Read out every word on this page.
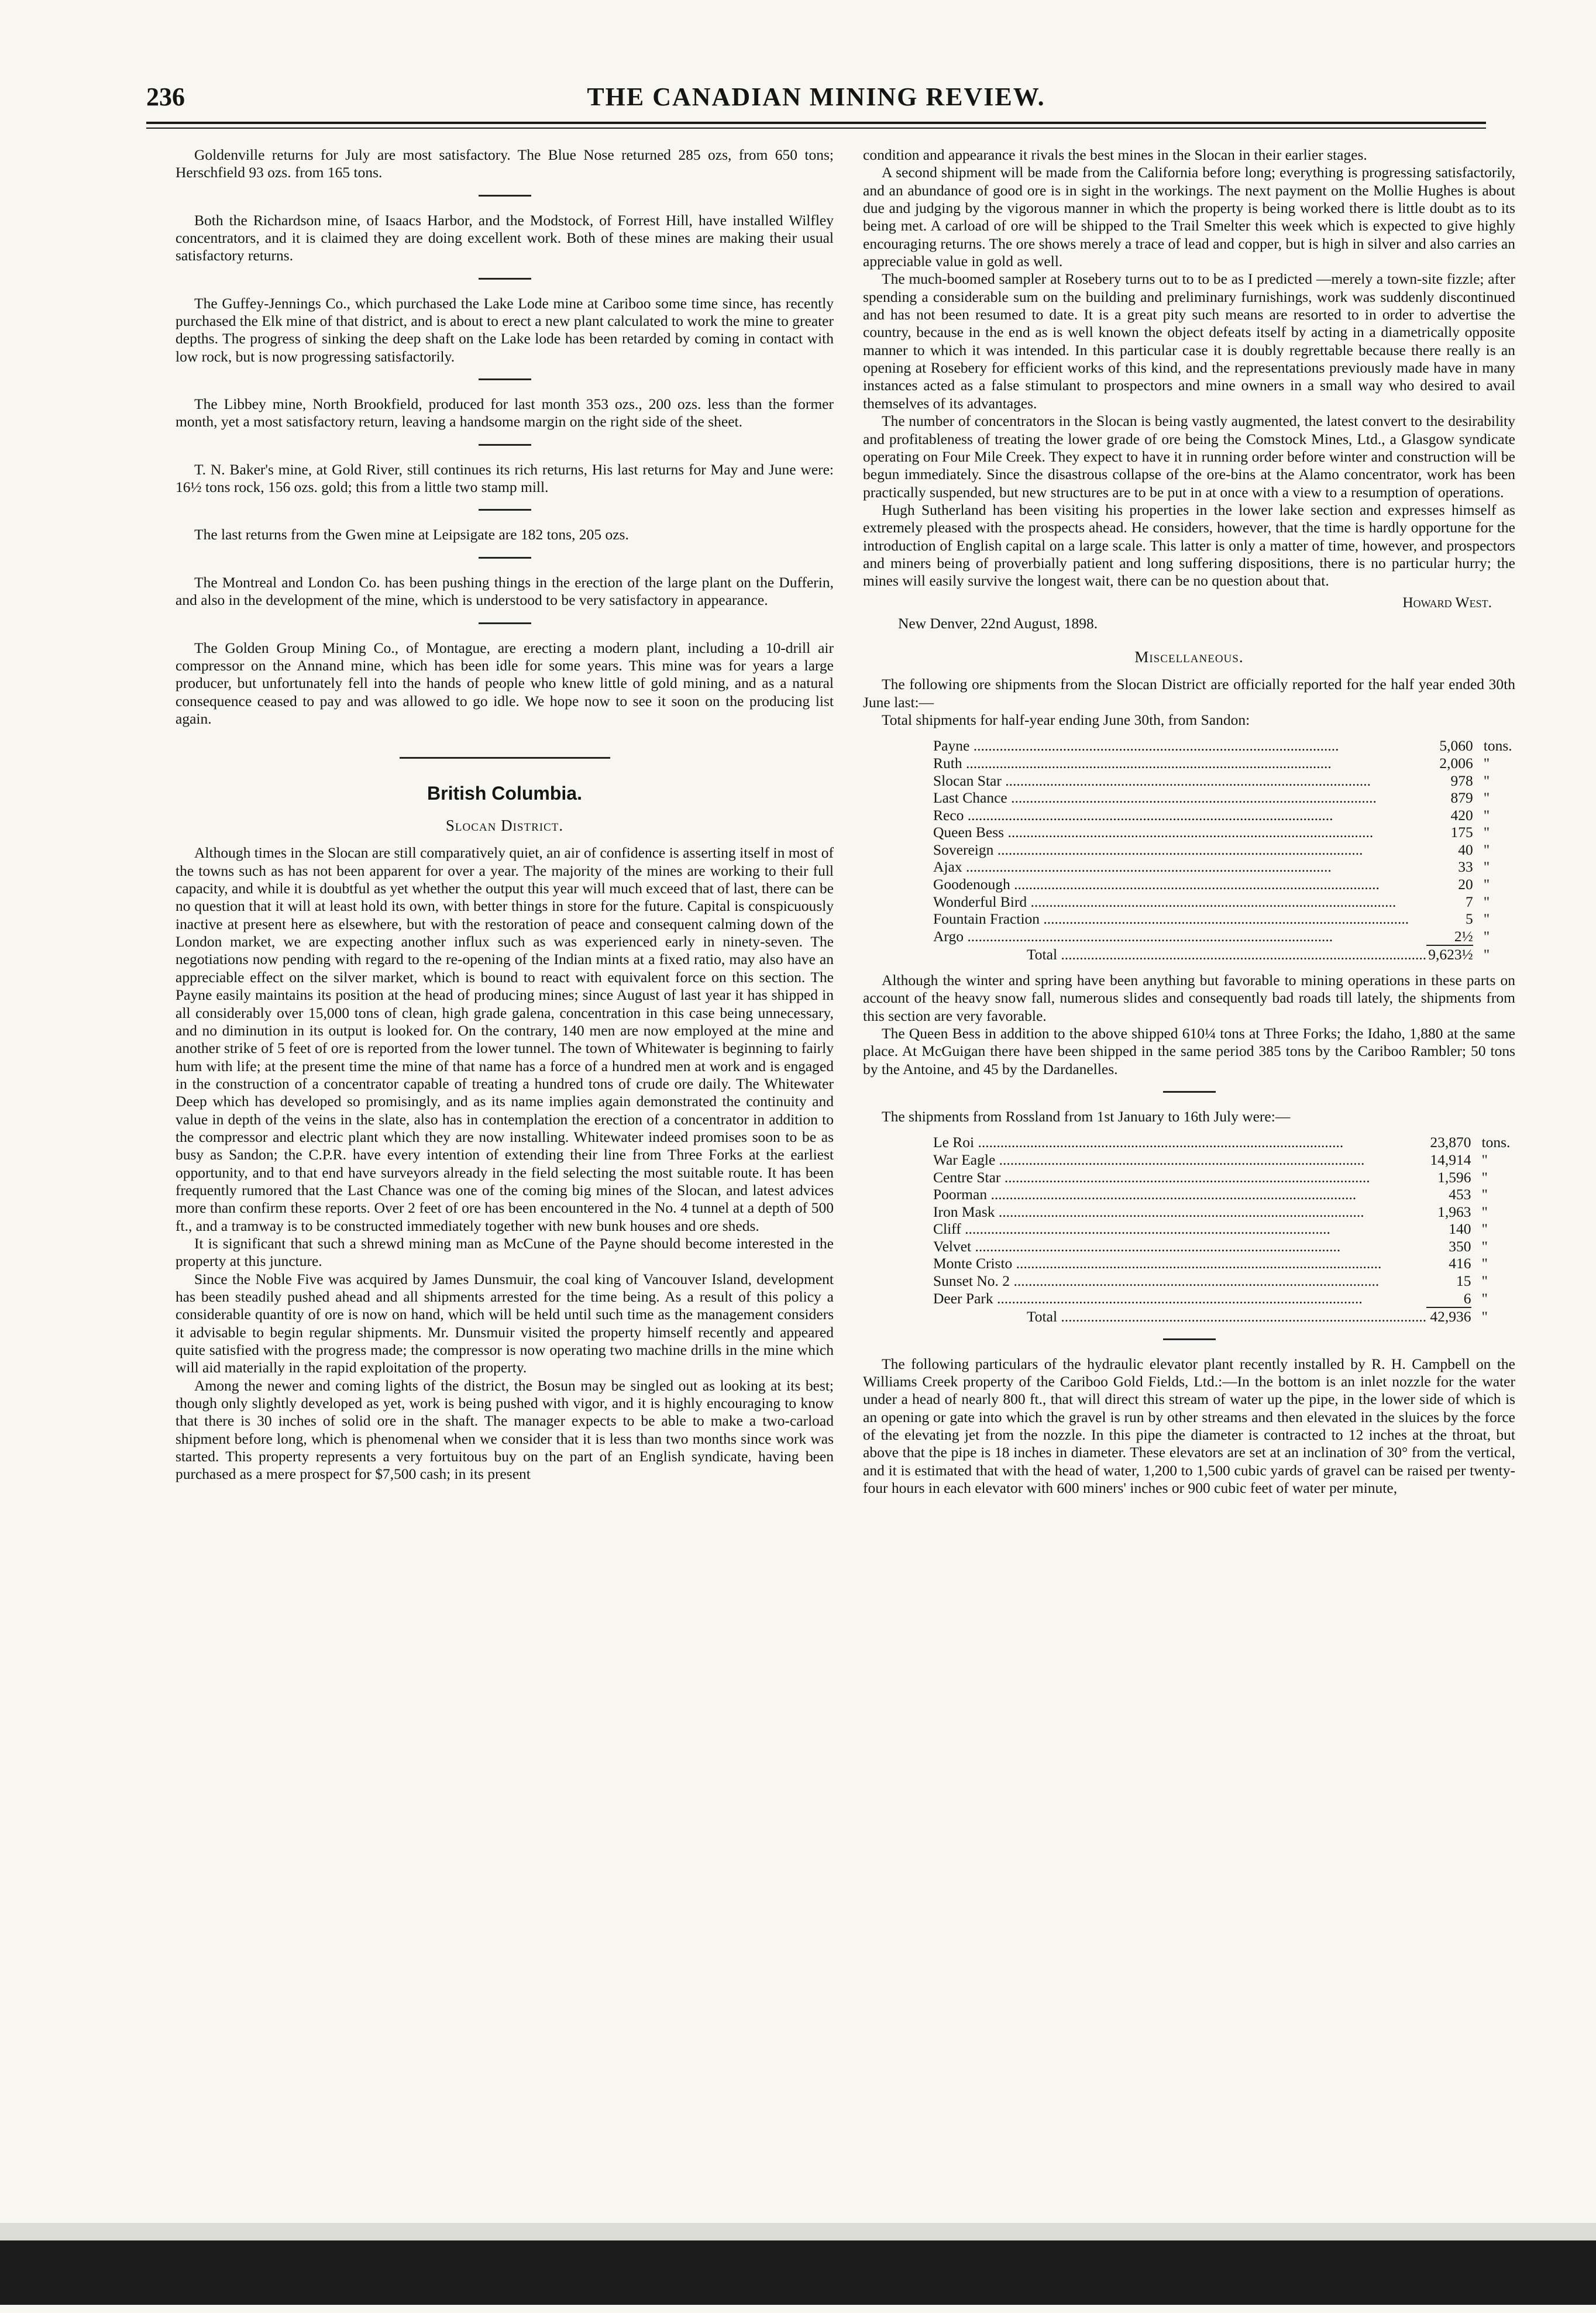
236	THE CANADIAN MINING REVIEW.

Goldenville returns for July are most satisfactory. The Blue Nose returned 285 ozs, from 650 tons; Herschfield 93 ozs. from 165 tons.

Both the Richardson mine, of Isaacs Harbor, and the Modstock, of Forrest Hill, have installed Wilfley concentrators, and it is claimed they are doing excellent work. Both of these mines are making their usual satisfactory returns.

The Guffey-Jennings Co., which purchased the Lake Lode mine at Cariboo some time since, has recently purchased the Elk mine of that district, and is about to erect a new plant calculated to work the mine to greater depths. The progress of sinking the deep shaft on the Lake lode has been retarded by coming in contact with low rock, but is now progressing satisfactorily.

The Libbey mine, North Brookfield, produced for last month 353 ozs., 200 ozs. less than the former month, yet a most satisfactory return, leaving a handsome margin on the right side of the sheet.

T. N. Baker's mine, at Gold River, still continues its rich returns, His last returns for May and June were: 16½ tons rock, 156 ozs. gold; this from a little two stamp mill.

The last returns from the Gwen mine at Leipsigate are 182 tons, 205 ozs.

The Montreal and London Co. has been pushing things in the erection of the large plant on the Dufferin, and also in the development of the mine, which is understood to be very satisfactory in appearance.

The Golden Group Mining Co., of Montague, are erecting a modern plant, including a 10-drill air compressor on the Annand mine, which has been idle for some years. This mine was for years a large producer, but unfortunately fell into the hands of people who knew little of gold mining, and as a natural consequence ceased to pay and was allowed to go idle. We hope now to see it soon on the producing list again.

British Columbia.
Slocan District.

Although times in the Slocan are still comparatively quiet, an air of confidence is asserting itself in most of the towns such as has not been apparent for over a year. The majority of the mines are working to their full capacity, and while it is doubtful as yet whether the output this year will much exceed that of last, there can be no question that it will at least hold its own, with better things in store for the future. Capital is conspicuously inactive at present here as elsewhere, but with the restoration of peace and consequent calming down of the London market, we are expecting another influx such as was experienced early in ninety-seven. The negotiations now pending with regard to the re-opening of the Indian mints at a fixed ratio, may also have an appreciable effect on the silver market, which is bound to react with equivalent force on this section. The Payne easily maintains its position at the head of producing mines; since August of last year it has shipped in all considerably over 15,000 tons of clean, high grade galena, concentration in this case being unnecessary, and no diminution in its output is looked for. On the contrary, 140 men are now employed at the mine and another strike of 5 feet of ore is reported from the lower tunnel. The town of Whitewater is beginning to fairly hum with life; at the present time the mine of that name has a force of a hundred men at work and is engaged in the construction of a concentrator capable of treating a hundred tons of crude ore daily. The Whitewater Deep which has developed so promisingly, and as its name implies again demonstrated the continuity and value in depth of the veins in the slate, also has in contemplation the erection of a concentrator in addition to the compressor and electric plant which they are now installing. Whitewater indeed promises soon to be as busy as Sandon; the C.P.R. have every intention of extending their line from Three Forks at the earliest opportunity, and to that end have surveyors already in the field selecting the most suitable route. It has been frequently rumored that the Last Chance was one of the coming big mines of the Slocan, and latest advices more than confirm these reports. Over 2 feet of ore has been encountered in the No. 4 tunnel at a depth of 500 ft., and a tramway is to be constructed immediately together with new bunk houses and ore sheds.

It is significant that such a shrewd mining man as McCune of the Payne should become interested in the property at this juncture.

Since the Noble Five was acquired by James Dunsmuir, the coal king of Vancouver Island, development has been steadily pushed ahead and all shipments arrested for the time being. As a result of this policy a considerable quantity of ore is now on hand, which will be held until such time as the management considers it advisable to begin regular shipments. Mr. Dunsmuir visited the property himself recently and appeared quite satisfied with the progress made; the compressor is now operating two machine drills in the mine which will aid materially in the rapid exploitation of the property.

Among the newer and coming lights of the district, the Bosun may be singled out as looking at its best; though only slightly developed as yet, work is being pushed with vigor, and it is highly encouraging to know that there is 30 inches of solid ore in the shaft. The manager expects to be able to make a two-carload shipment before long, which is phenomenal when we consider that it is less than two months since work was started. This property represents a very fortuitous buy on the part of an English syndicate, having been purchased as a mere prospect for $7,500 cash; in its present

condition and appearance it rivals the best mines in the Slocan in their earlier stages.

A second shipment will be made from the California before long; everything is progressing satisfactorily, and an abundance of good ore is in sight in the workings. The next payment on the Mollie Hughes is about due and judging by the vigorous manner in which the property is being worked there is little doubt as to its being met. A carload of ore will be shipped to the Trail Smelter this week which is expected to give highly encouraging returns. The ore shows merely a trace of lead and copper, but is high in silver and also carries an appreciable value in gold as well.

The much-boomed sampler at Rosebery turns out to to be as I predicted —merely a town-site fizzle; after spending a considerable sum on the building and preliminary furnishings, work was suddenly discontinued and has not been resumed to date. It is a great pity such means are resorted to in order to advertise the country, because in the end as is well known the object defeats itself by acting in a diametrically opposite manner to which it was intended. In this particular case it is doubly regrettable because there really is an opening at Rosebery for efficient works of this kind, and the representations previously made have in many instances acted as a false stimulant to prospectors and mine owners in a small way who desired to avail themselves of its advantages.

The number of concentrators in the Slocan is being vastly augmented, the latest convert to the desirability and profitableness of treating the lower grade of ore being the Comstock Mines, Ltd., a Glasgow syndicate operating on Four Mile Creek. They expect to have it in running order before winter and construction will be begun immediately. Since the disastrous collapse of the ore-bins at the Alamo concentrator, work has been practically suspended, but new structures are to be put in at once with a view to a resumption of operations.

Hugh Sutherland has been visiting his properties in the lower lake section and expresses himself as extremely pleased with the prospects ahead. He considers, however, that the time is hardly opportune for the introduction of English capital on a large scale. This latter is only a matter of time, however, and prospectors and miners being of proverbially patient and long suffering dispositions, there is no particular hurry; the mines will easily survive the longest wait, there can be no question about that.

Howard West.
New Denver, 22nd August, 1898.
Miscellaneous.

The following ore shipments from the Slocan District are officially reported for the half year ended 30th June last:—

Total shipments for half-year ending June 30th, from Sandon:

Payne .....	5,060	tons.
Ruth .....	2,006	"
Slocan Star .....	978	"
Last Chance .....	879	"
Reco .....	420	"
Queen Bess .....	175	"
Sovereign .....	40	"
Ajax .....	33	"
Goodenough .....	20	"
Wonderful Bird .....	7	"
Fountain Fraction .....	5	"
Argo .....	2½	"
Total .....	9,623½	"

Although the winter and spring have been anything but favorable to mining operations in these parts on account of the heavy snow fall, numerous slides and consequently bad roads till lately, the shipments from this section are very favorable.

The Queen Bess in addition to the above shipped 610¼ tons at Three Forks; the Idaho, 1,880 at the same place. At McGuigan there have been shipped in the same period 385 tons by the Cariboo Rambler; 50 tons by the Antoine, and 45 by the Dardanelles.

The shipments from Rossland from 1st January to 16th July were:—

Le Roi .....	23,870	tons.
War Eagle .....	14,914	"
Centre Star .....	1,596	"
Poorman .....	453	"
Iron Mask .....	1,963	"
Cliff .....	140	"
Velvet .....	350	"
Monte Cristo .....	416	"
Sunset No. 2 .....	15	"
Deer Park .....	6	"
Total .....	42,936	"

The following particulars of the hydraulic elevator plant recently installed by R. H. Campbell on the Williams Creek property of the Cariboo Gold Fields, Ltd.:—In the bottom is an inlet nozzle for the water under a head of nearly 800 ft., that will direct this stream of water up the pipe, in the lower side of which is an opening or gate into which the gravel is run by other streams and then elevated in the sluices by the force of the elevating jet from the nozzle. In this pipe the diameter is contracted to 12 inches at the throat, but above that the pipe is 18 inches in diameter. These elevators are set at an inclination of 30° from the vertical, and it is estimated that with the head of water, 1,200 to 1,500 cubic yards of gravel can be raised per twenty-four hours in each elevator with 600 miners' inches or 900 cubic feet of water per minute,
